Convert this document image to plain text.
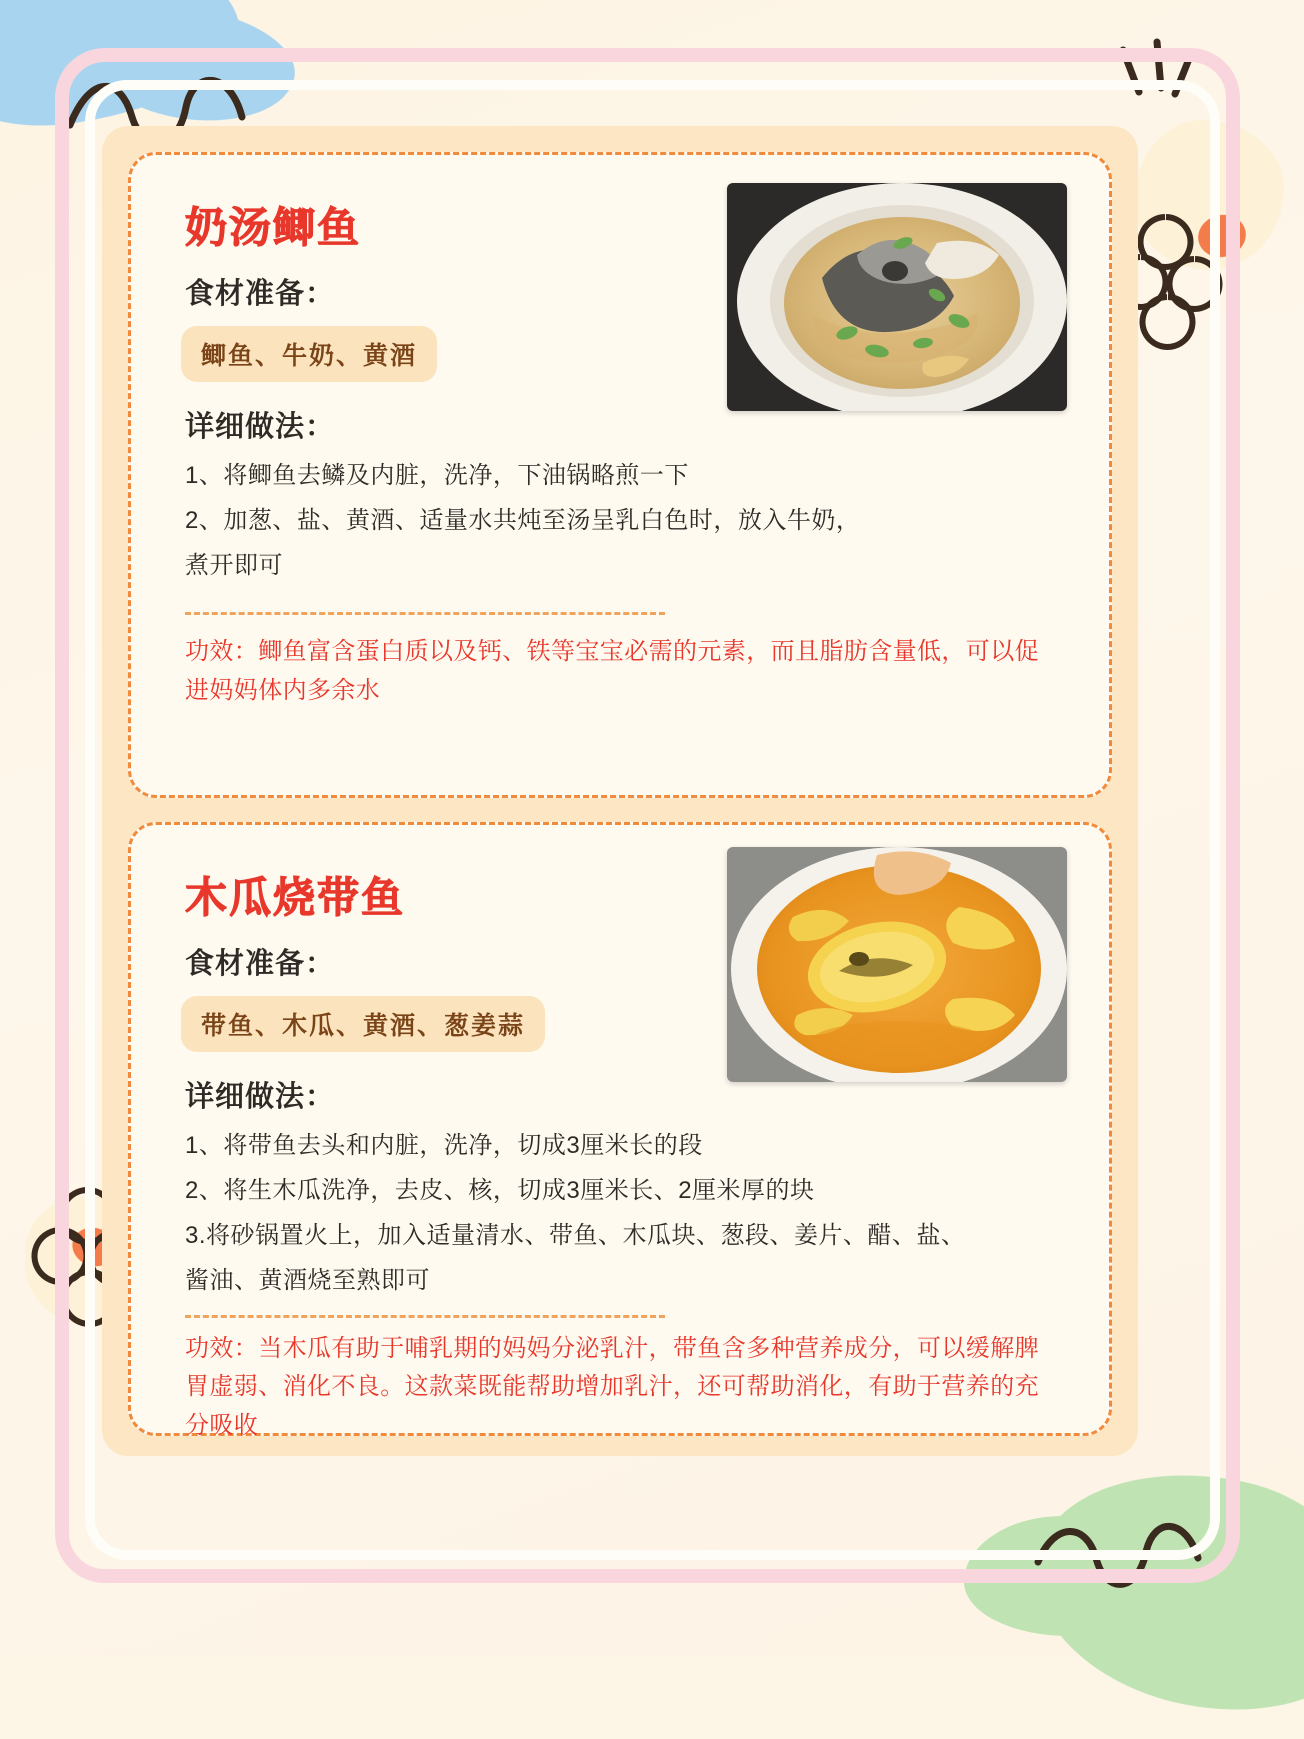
奶汤鲫鱼
食材准备：
鲫鱼、牛奶、黄酒
详细做法：

1、将鲫鱼去鳞及内脏，洗净，下油锅略煎一下

2、加葱、盐、黄酒、适量水共炖至汤呈乳白色时，放入牛奶，

煮开即可

功效：鲫鱼富含蛋白质以及钙、铁等宝宝必需的元素，而且脂肪含量低，可以促进妈妈体内多余水

木瓜烧带鱼
食材准备：
带鱼、木瓜、黄酒、葱姜蒜
详细做法：

1、将带鱼去头和内脏，洗净，切成3厘米长的段

2、将生木瓜洗净，去皮、核，切成3厘米长、2厘米厚的块

3.将砂锅置火上，加入适量清水、带鱼、木瓜块、葱段、姜片、醋、盐、

酱油、黄酒烧至熟即可

功效：当木瓜有助于哺乳期的妈妈分泌乳汁，带鱼含多种营养成分，可以缓解脾胃虚弱、消化不良。这款菜既能帮助增加乳汁，还可帮助消化，有助于营养的充分吸收
